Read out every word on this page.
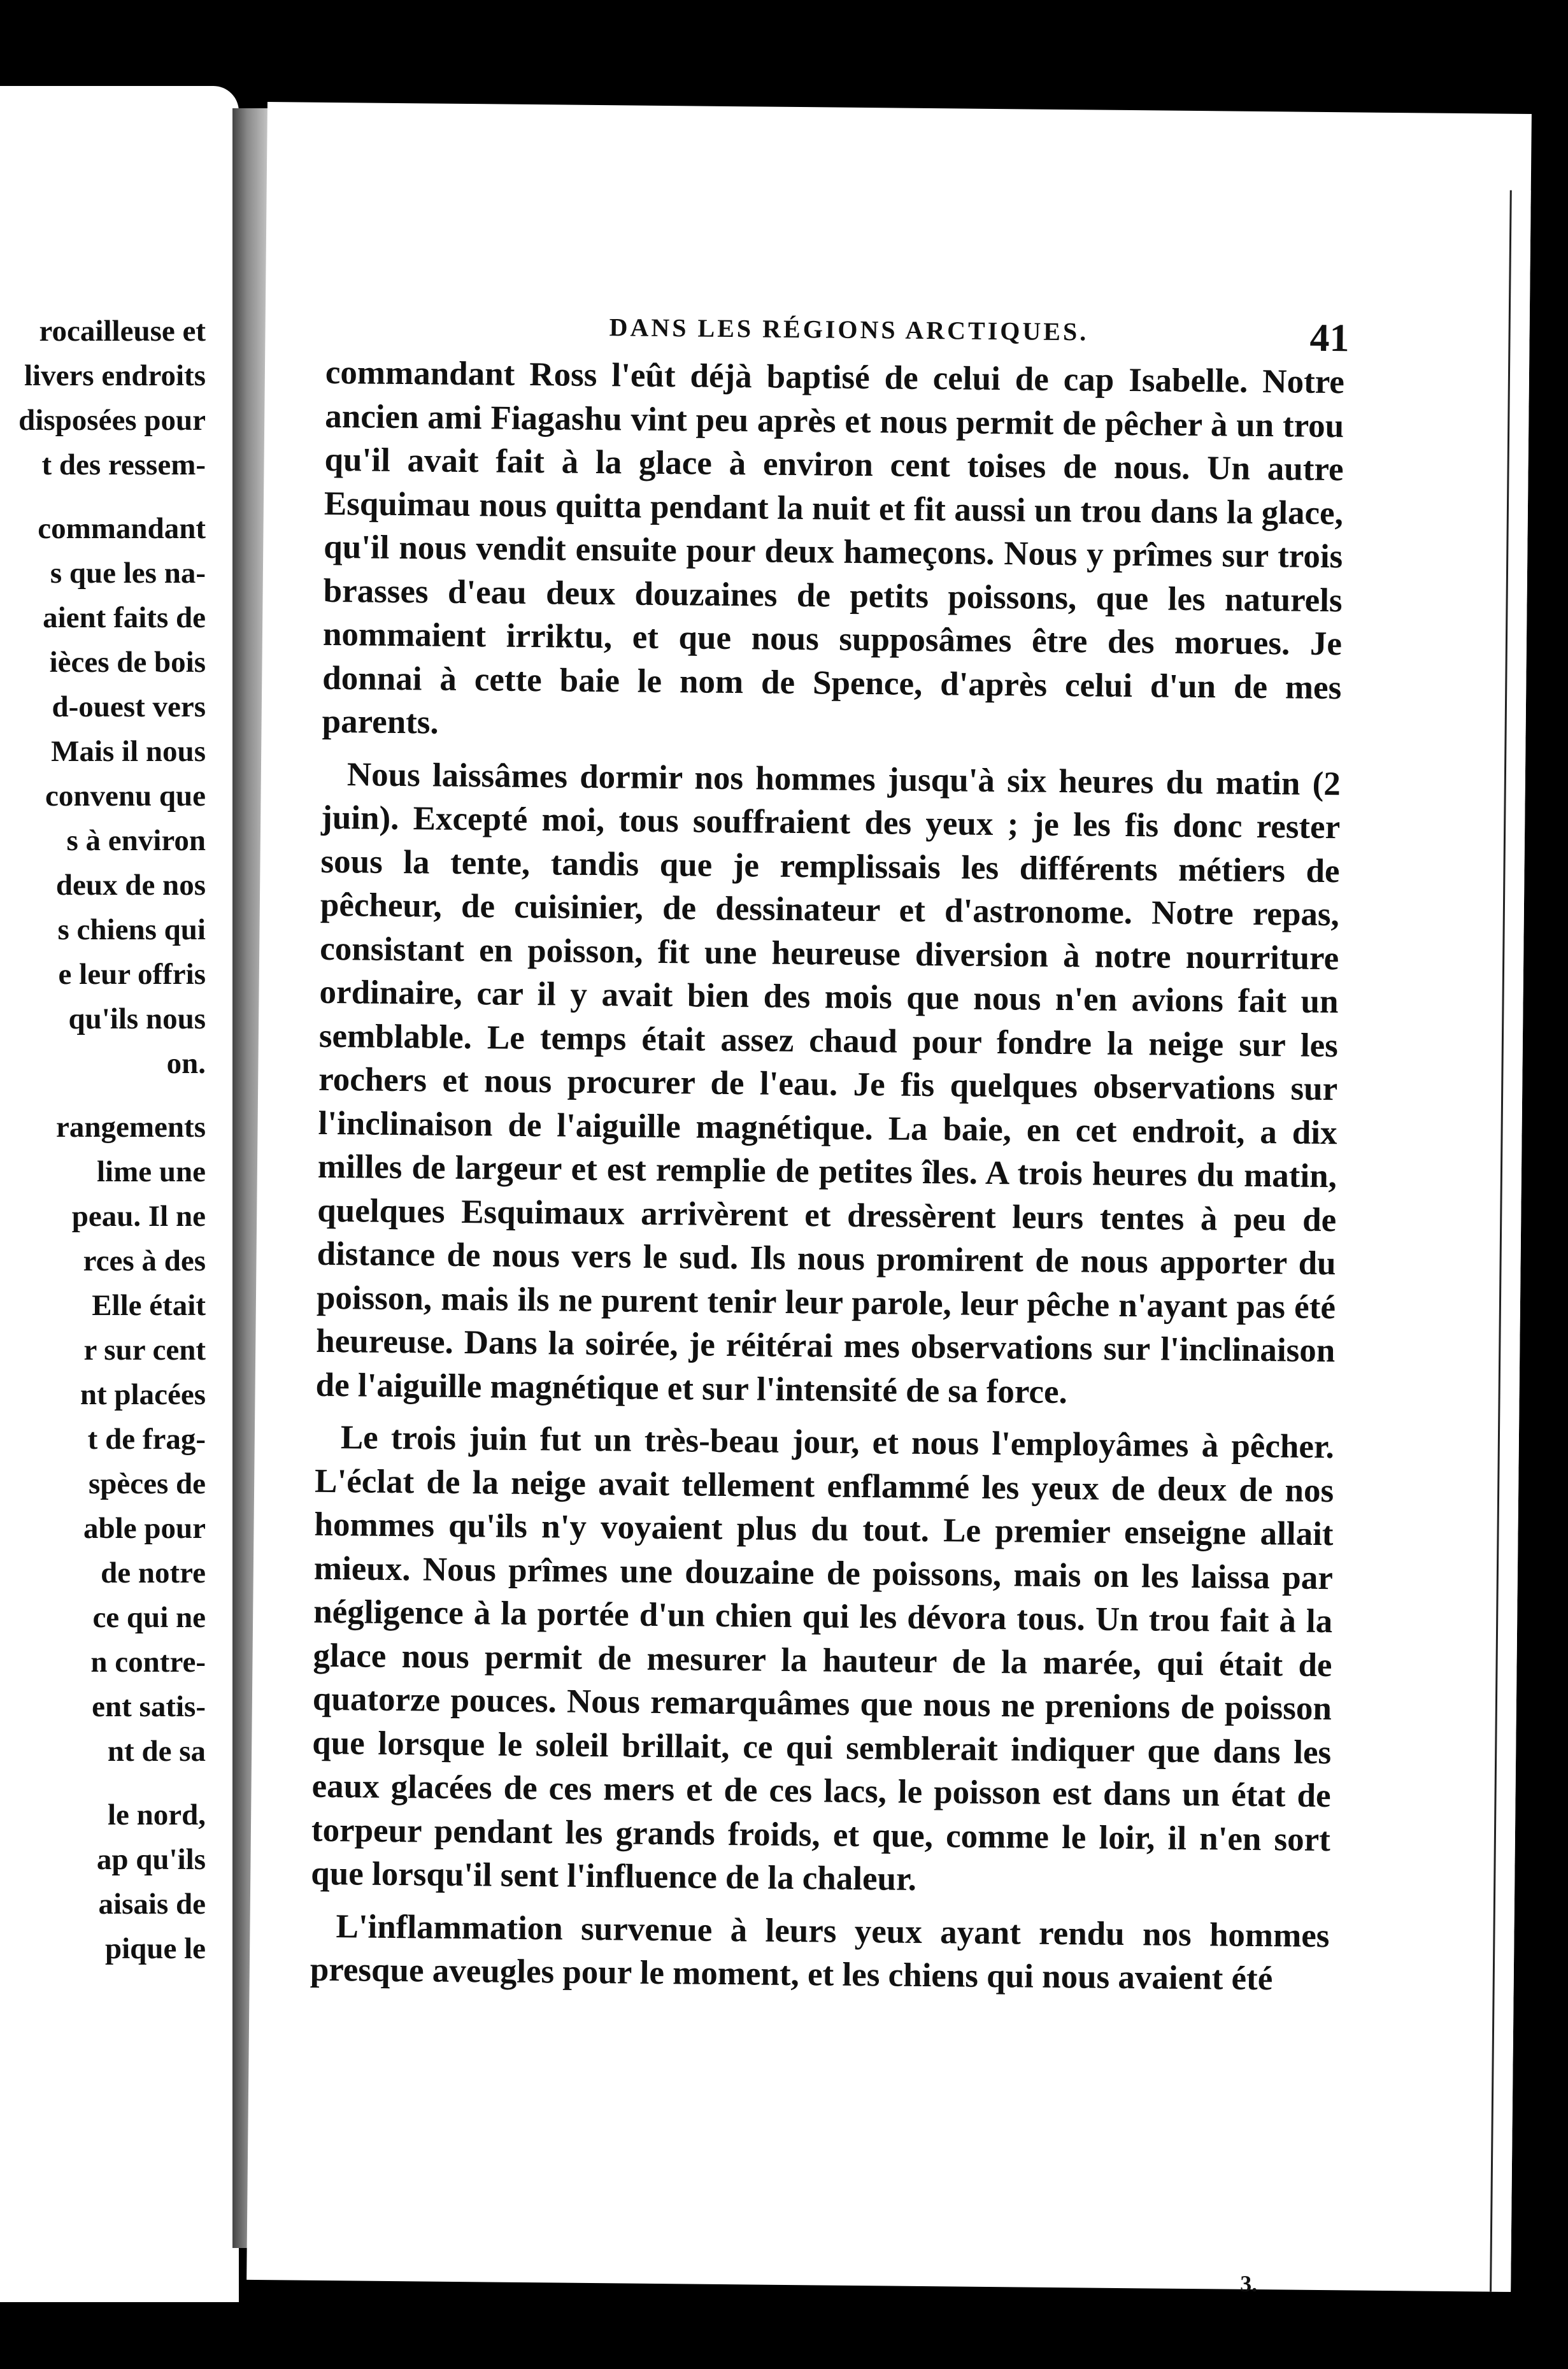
rocailleuse et
livers endroits
disposées pour
t des ressem-
commandant
s que les na-
aient faits de
ièces de bois
d-ouest vers
Mais il nous
convenu que
s à environ
deux de nos
s chiens qui
e leur offris
qu'ils nous
on.
rangements
lime une
peau. Il ne
rces à des
Elle était
r sur cent
nt placées
t de frag-
spèces de
able pour
de notre
ce qui ne
n contre-
ent satis-
nt de sa
le nord,
ap qu'ils
aisais de
pique le
DANS LES RÉGIONS ARCTIQUES.	41

commandant Ross l'eût déjà baptisé de celui de cap Isabelle. Notre ancien ami Fiagashu vint peu après et nous permit de pêcher à un trou qu'il avait fait à la glace à environ cent toises de nous. Un autre Esquimau nous quitta pendant la nuit et fit aussi un trou dans la glace, qu'il nous vendit ensuite pour deux hameçons. Nous y prîmes sur trois brasses d'eau deux douzaines de petits poissons, que les naturels nommaient irriktu, et que nous supposâmes être des morues. Je donnai à cette baie le nom de Spence, d'après celui d'un de mes parents.

Nous laissâmes dormir nos hommes jusqu'à six heures du matin (2 juin). Excepté moi, tous souffraient des yeux ; je les fis donc rester sous la tente, tandis que je remplissais les différents métiers de pêcheur, de cuisinier, de dessinateur et d'astronome. Notre repas, consistant en poisson, fit une heureuse diversion à notre nourriture ordinaire, car il y avait bien des mois que nous n'en avions fait un semblable. Le temps était assez chaud pour fondre la neige sur les rochers et nous procurer de l'eau. Je fis quelques observations sur l'inclinaison de l'aiguille magnétique. La baie, en cet endroit, a dix milles de largeur et est remplie de petites îles. A trois heures du matin, quelques Esquimaux arrivèrent et dressèrent leurs tentes à peu de distance de nous vers le sud. Ils nous promirent de nous apporter du poisson, mais ils ne purent tenir leur parole, leur pêche n'ayant pas été heureuse. Dans la soirée, je réitérai mes observations sur l'inclinaison de l'aiguille magnétique et sur l'intensité de sa force.

Le trois juin fut un très-beau jour, et nous l'employâmes à pêcher. L'éclat de la neige avait tellement enflammé les yeux de deux de nos hommes qu'ils n'y voyaient plus du tout. Le premier enseigne allait mieux. Nous prîmes une douzaine de poissons, mais on les laissa par négligence à la portée d'un chien qui les dévora tous. Un trou fait à la glace nous permit de mesurer la hauteur de la marée, qui était de quatorze pouces. Nous remarquâmes que nous ne prenions de poisson que lorsque le soleil brillait, ce qui semblerait indiquer que dans les eaux glacées de ces mers et de ces lacs, le poisson est dans un état de torpeur pendant les grands froids, et que, comme le loir, il n'en sort que lorsqu'il sent l'influence de la chaleur.

L'inflammation survenue à leurs yeux ayant rendu nos hommes presque aveugles pour le moment, et les chiens qui nous avaient été

3.
